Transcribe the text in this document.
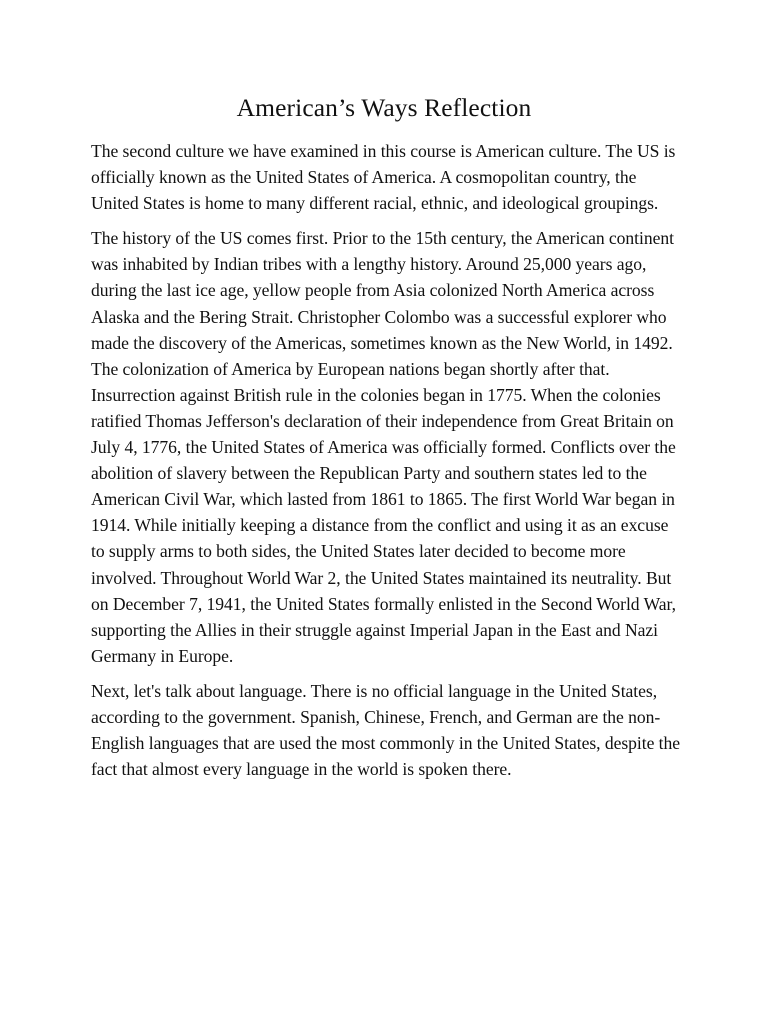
American’s Ways Reflection

The second culture we have examined in this course is American culture. The US is officially known as the United States of America. A cosmopolitan country, the United States is home to many different racial, ethnic, and ideological groupings.

The history of the US comes first. Prior to the 15th century, the American continent was inhabited by Indian tribes with a lengthy history. Around 25,000 years ago, during the last ice age, yellow people from Asia colonized North America across Alaska and the Bering Strait. Christopher Colombo was a successful explorer who made the discovery of the Americas, sometimes known as the New World, in 1492. The colonization of America by European nations began shortly after that. Insurrection against British rule in the colonies began in 1775. When the colonies ratified Thomas Jefferson's declaration of their independence from Great Britain on July 4, 1776, the United States of America was officially formed. Conflicts over the abolition of slavery between the Republican Party and southern states led to the American Civil War, which lasted from 1861 to 1865. The first World War began in 1914. While initially keeping a distance from the conflict and using it as an excuse to supply arms to both sides, the United States later decided to become more involved. Throughout World War 2, the United States maintained its neutrality. But on December 7, 1941, the United States formally enlisted in the Second World War, supporting the Allies in their struggle against Imperial Japan in the East and Nazi Germany in Europe.

Next, let's talk about language. There is no official language in the United States, according to the government. Spanish, Chinese, French, and German are the non-English languages that are used the most commonly in the United States, despite the fact that almost every language in the world is spoken there.
